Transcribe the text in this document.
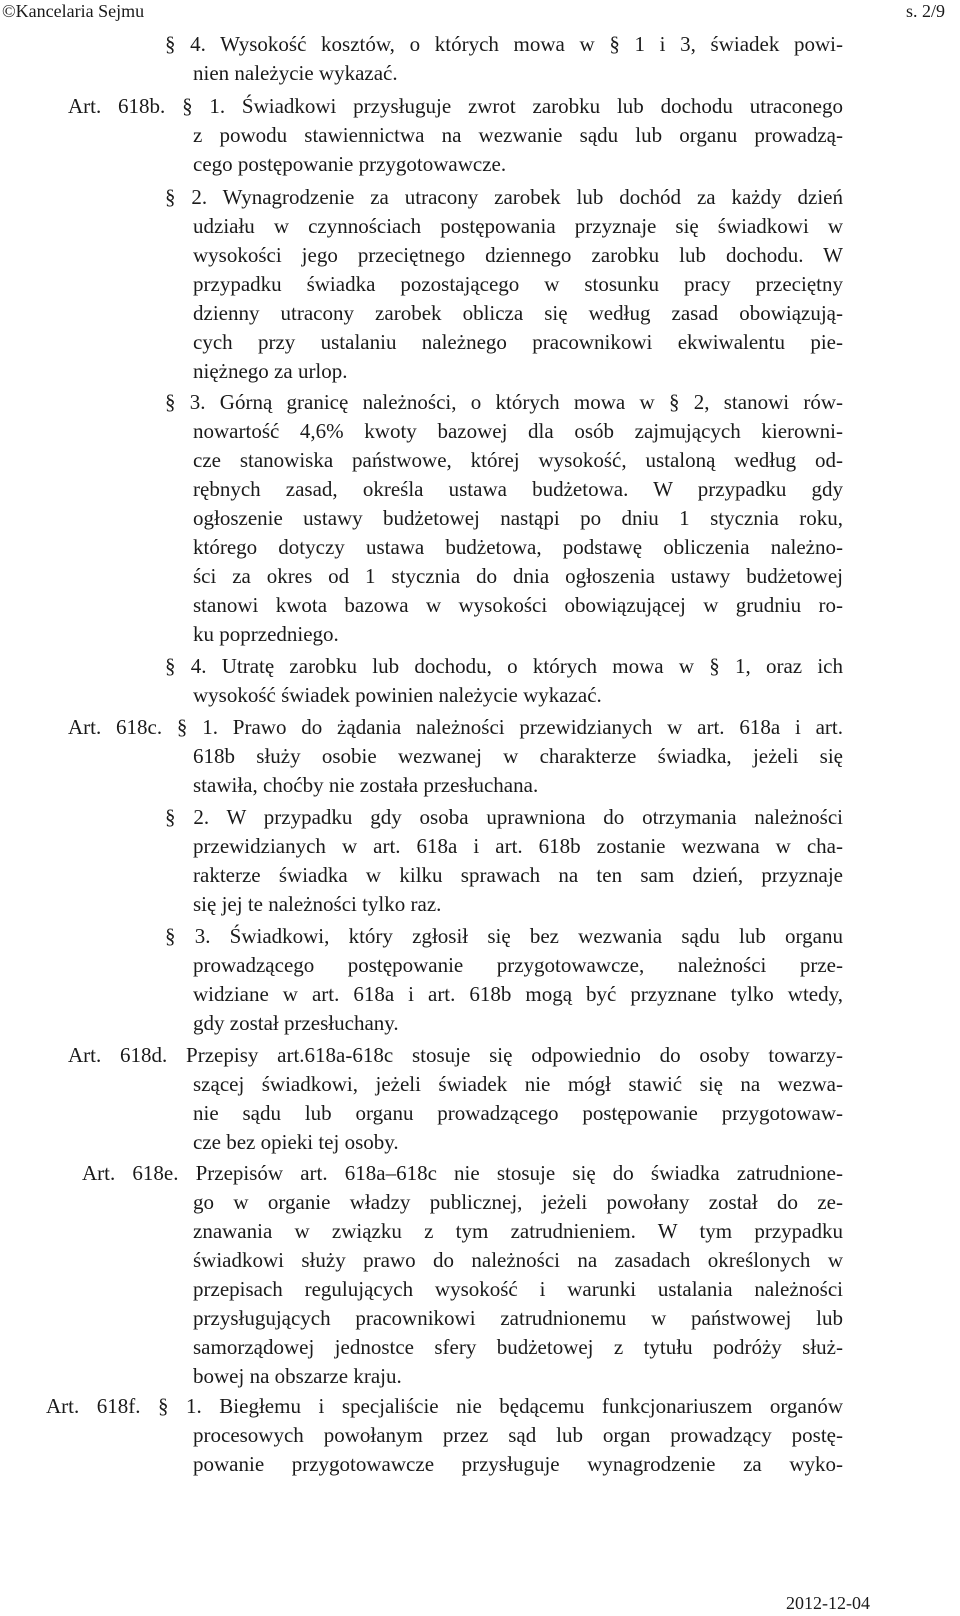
©Kancelaria Sejmu	s. 2/9
§ 4. Wysokość kosztów, o których mowa w § 1 i 3, świadek powi-
nien należycie wykazać.
Art. 618b. § 1. Świadkowi przysługuje zwrot zarobku lub dochodu utraconego
z powodu stawiennictwa na wezwanie sądu lub organu prowadzą-
cego postępowanie przygotowawcze.
§ 2. Wynagrodzenie za utracony zarobek lub dochód za każdy dzień
udziału w czynnościach postępowania przyznaje się świadkowi w
wysokości jego przeciętnego dziennego zarobku lub dochodu. W
przypadku świadka pozostającego w stosunku pracy przeciętny
dzienny utracony zarobek oblicza się według zasad obowiązują-
cych przy ustalaniu należnego pracownikowi ekwiwalentu pie-
niężnego za urlop.
§ 3. Górną granicę należności, o których mowa w § 2, stanowi rów-
nowartość 4,6% kwoty bazowej dla osób zajmujących kierowni-
cze stanowiska państwowe, której wysokość, ustaloną według od-
rębnych zasad, określa ustawa budżetowa. W przypadku gdy
ogłoszenie ustawy budżetowej nastąpi po dniu 1 stycznia roku,
którego dotyczy ustawa budżetowa, podstawę obliczenia należno-
ści za okres od 1 stycznia do dnia ogłoszenia ustawy budżetowej
stanowi kwota bazowa w wysokości obowiązującej w grudniu ro-
ku poprzedniego.
§ 4. Utratę zarobku lub dochodu, o których mowa w § 1, oraz ich
wysokość świadek powinien należycie wykazać.
Art. 618c. § 1. Prawo do żądania należności przewidzianych w art. 618a i art.
618b służy osobie wezwanej w charakterze świadka, jeżeli się
stawiła, choćby nie została przesłuchana.
§ 2. W przypadku gdy osoba uprawniona do otrzymania należności
przewidzianych w art. 618a i art. 618b zostanie wezwana w cha-
rakterze świadka w kilku sprawach na ten sam dzień, przyznaje
się jej te należności tylko raz.
§ 3. Świadkowi, który zgłosił się bez wezwania sądu lub organu
prowadzącego postępowanie przygotowawcze, należności prze-
widziane w art. 618a i art. 618b mogą być przyznane tylko wtedy,
gdy został przesłuchany.
Art. 618d. Przepisy art.618a-618c stosuje się odpowiednio do osoby towarzy-
szącej świadkowi, jeżeli świadek nie mógł stawić się na wezwa-
nie sądu lub organu prowadzącego postępowanie przygotowaw-
cze bez opieki tej osoby.
Art. 618e. Przepisów art. 618a–618c nie stosuje się do świadka zatrudnione-
go w organie władzy publicznej, jeżeli powołany został do ze-
znawania w związku z tym zatrudnieniem. W tym przypadku
świadkowi służy prawo do należności na zasadach określonych w
przepisach regulujących wysokość i warunki ustalania należności
przysługujących pracownikowi zatrudnionemu w państwowej lub
samorządowej jednostce sfery budżetowej z tytułu podróży służ-
bowej na obszarze kraju.
Art. 618f. § 1. Biegłemu i specjaliście nie będącemu funkcjonariuszem organów
procesowych powołanym przez sąd lub organ prowadzący postę-
powanie przygotowawcze przysługuje wynagrodzenie za wyko-
2012-12-04
